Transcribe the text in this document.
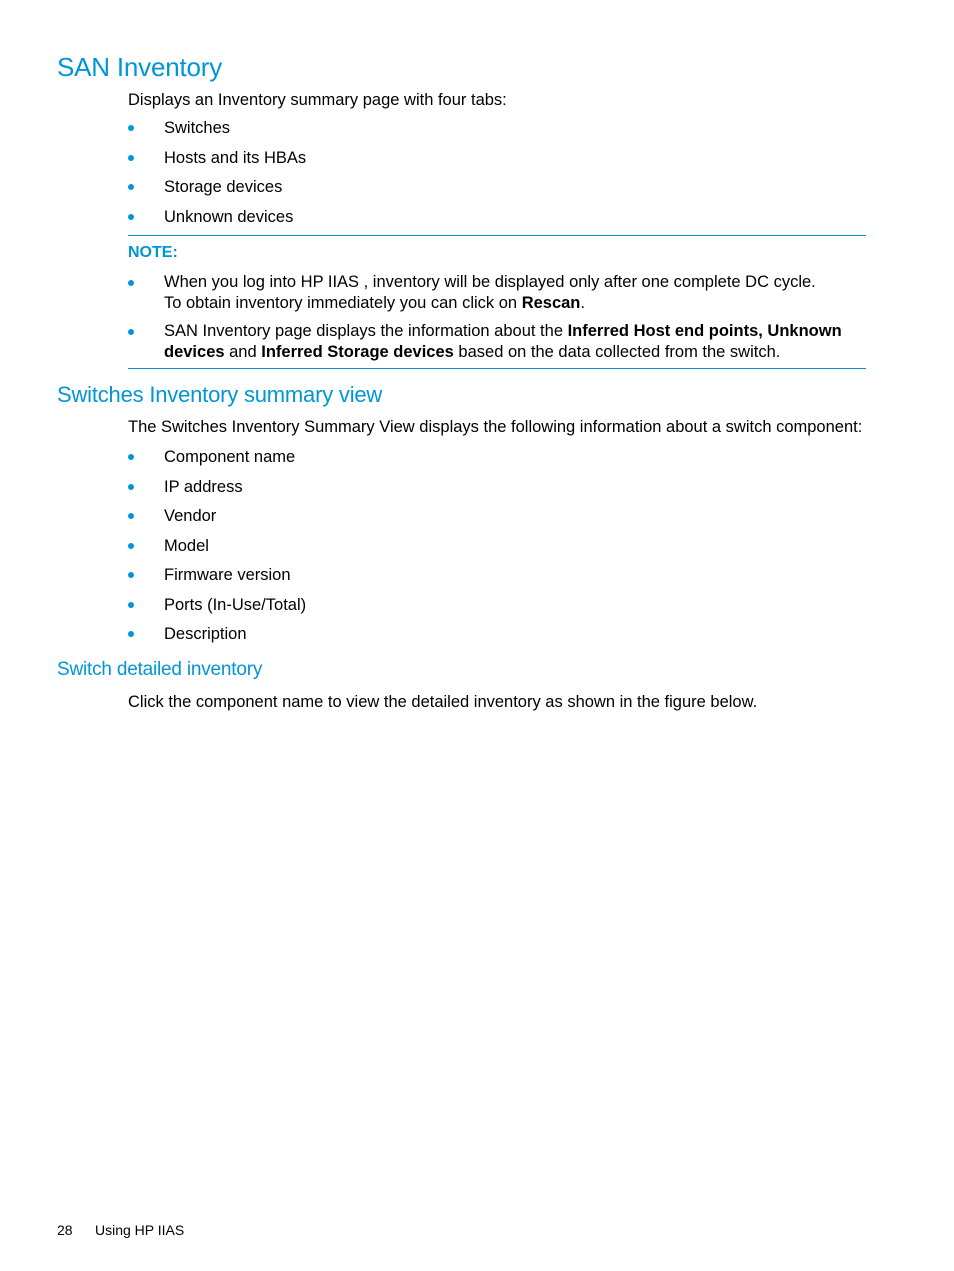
SAN Inventory

Displays an Inventory summary page with four tabs:

Switches
Hosts and its HBAs
Storage devices
Unknown devices
NOTE:
When you log into HP IIAS , inventory will be displayed only after one complete DC cycle.
To obtain inventory immediately you can click on Rescan.
SAN Inventory page displays the information about the Inferred Host end points, Unknown devices and Inferred Storage devices based on the data collected from the switch.
Switches Inventory summary view

The Switches Inventory Summary View displays the following information about a switch component:

Component name
IP address
Vendor
Model
Firmware version
Ports (In-Use/Total)
Description
Switch detailed inventory

Click the component name to view the detailed inventory as shown in the figure below.

28 Using HP IIAS
